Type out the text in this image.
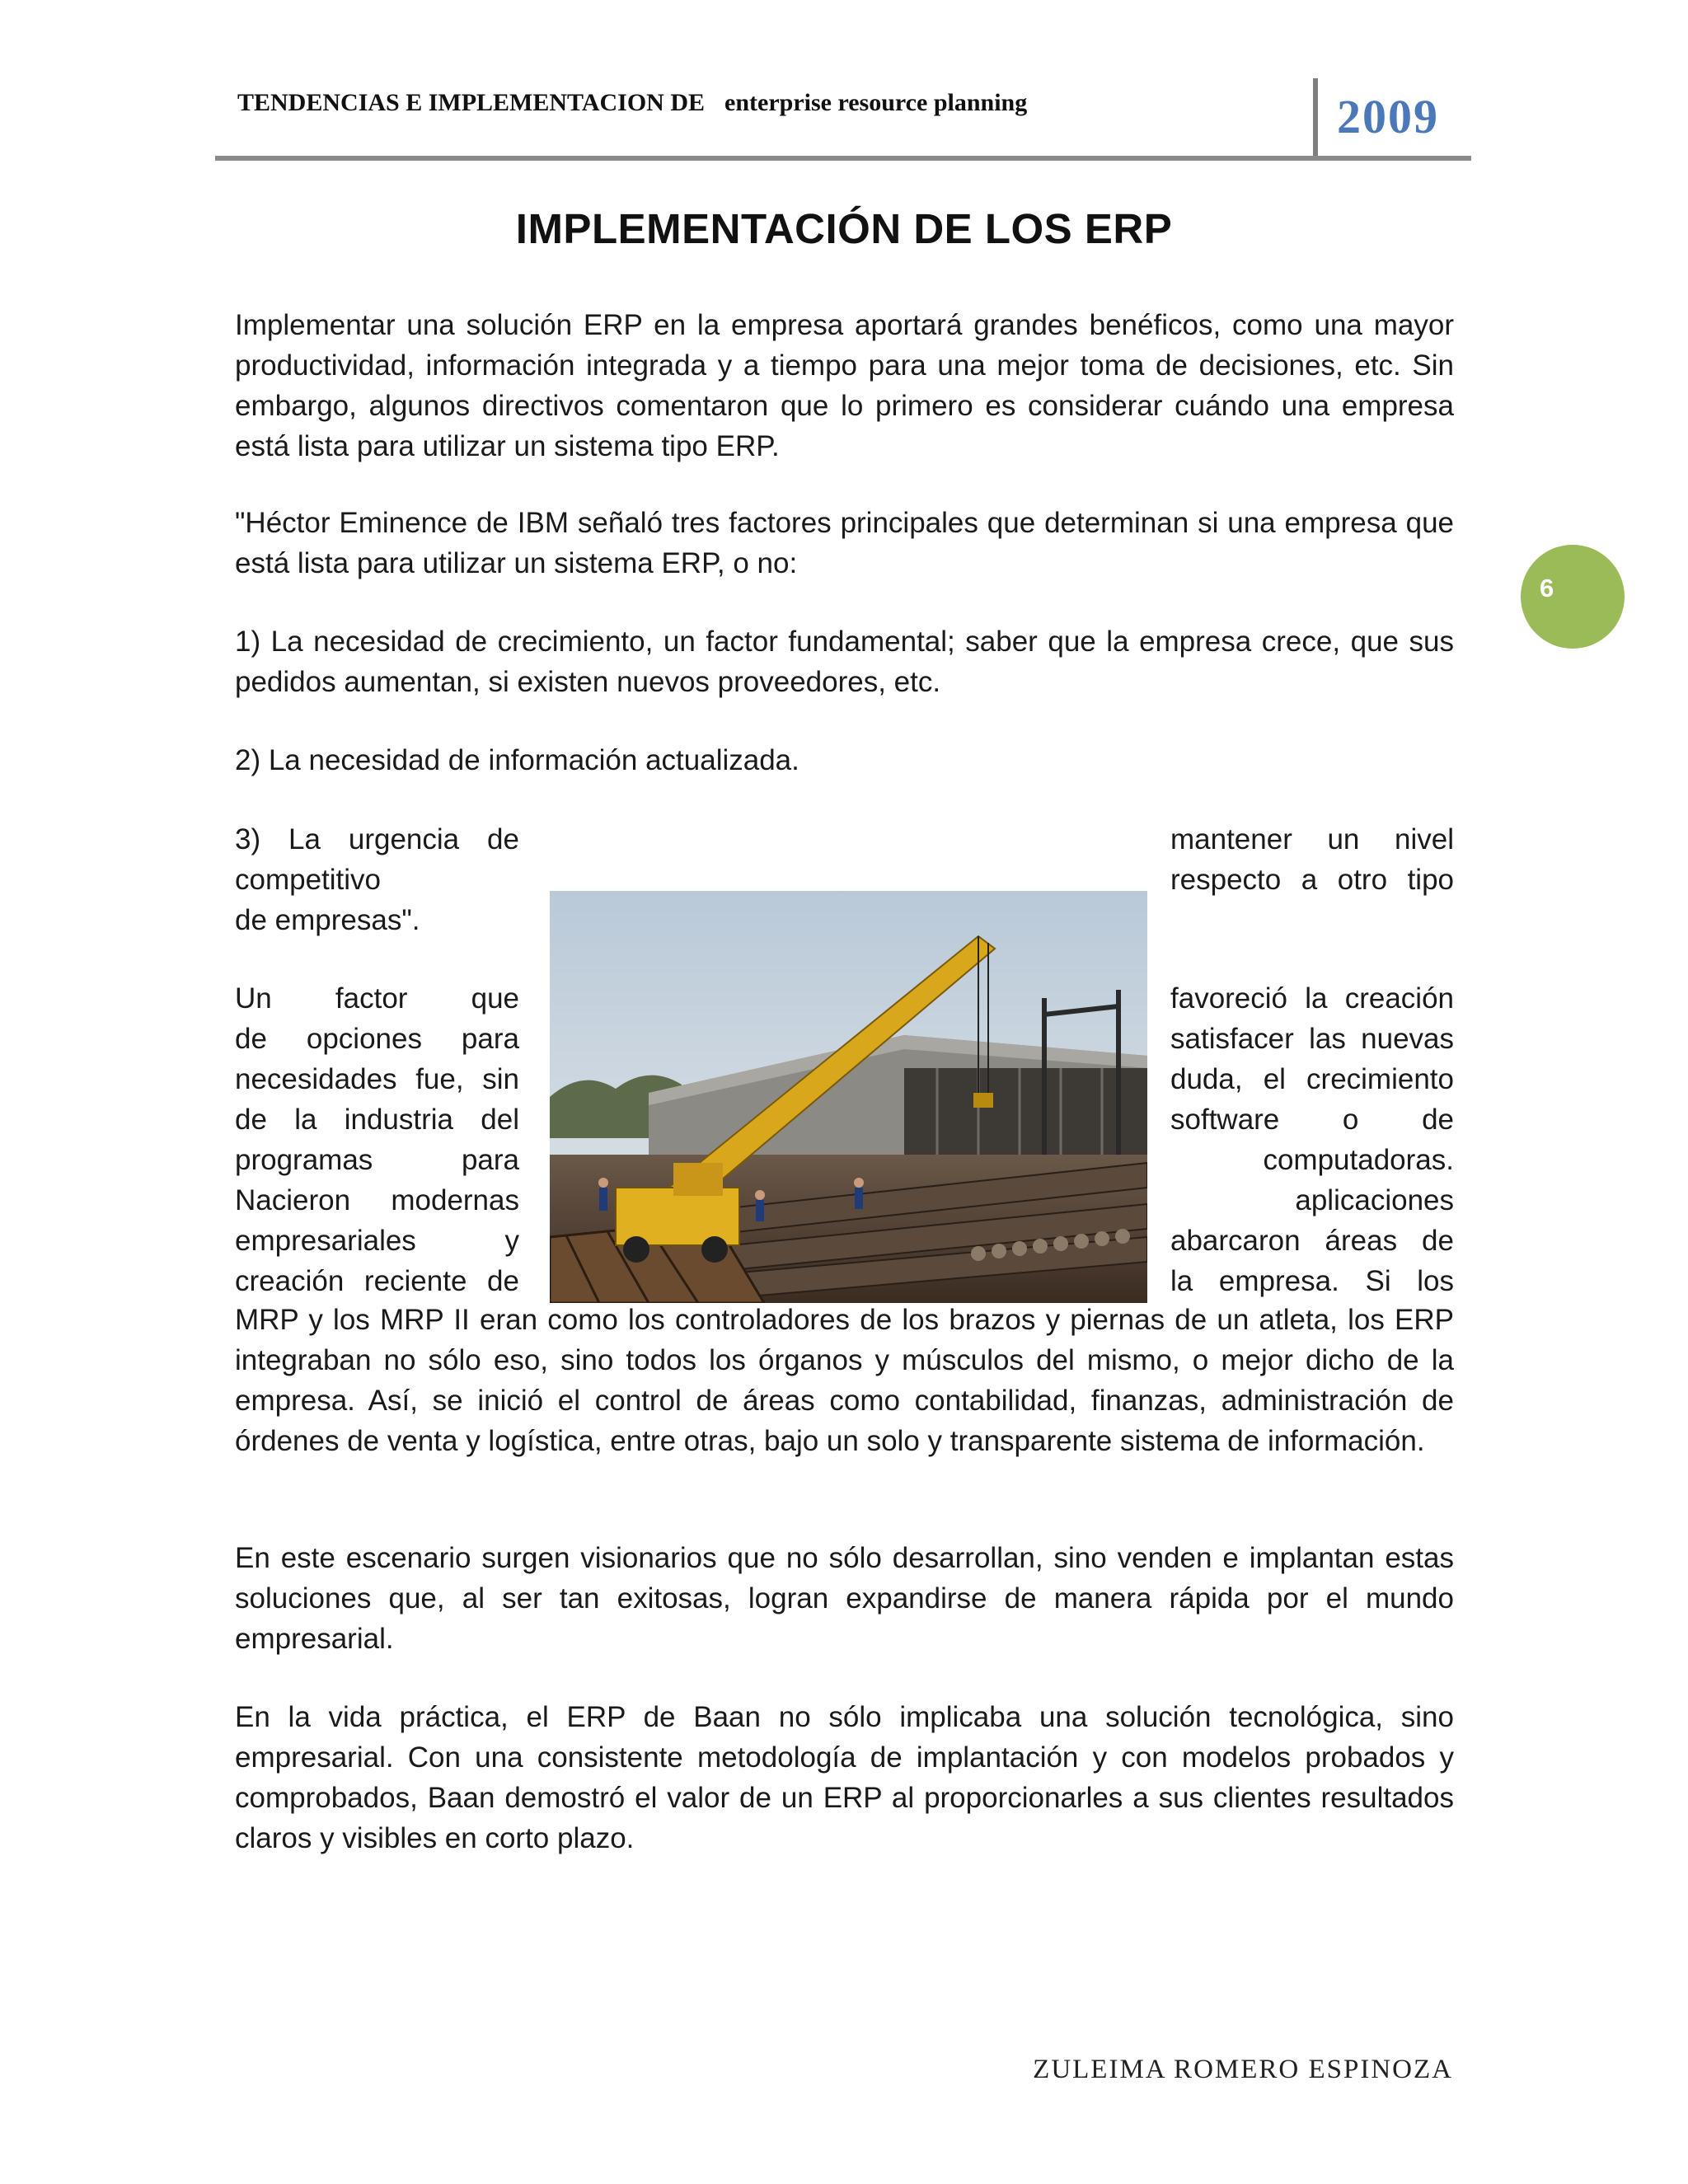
TENDENCIAS E IMPLEMENTACION DE enterprise resource planning	2009
6
IMPLEMENTACIÓN DE LOS ERP

Implementar una solución ERP en la empresa aportará grandes benéficos, como una mayor productividad, información integrada y a tiempo para una mejor toma de decisiones, etc. Sin embargo, algunos directivos comentaron que lo primero es considerar cuándo una empresa está lista para utilizar un sistema tipo ERP.

"Héctor Eminence de IBM señaló tres factores principales que determinan si una empresa que está lista para utilizar un sistema ERP, o no:

1) La necesidad de crecimiento, un factor fundamental; saber que la empresa crece, que sus pedidos aumentan, si existen nuevos proveedores, etc.

2) La necesidad de información actualizada.

3) La urgencia de
competitivo
de empresas".
mantener un nivel
respecto a otro tipo
Un factor que
de opciones para
necesidades fue, sin
de la industria del
programas para
Nacieron modernas
empresariales y
creación reciente de
favoreció la creación
satisfacer las nuevas
duda, el crecimiento
software o de
computadoras.
aplicaciones
abarcaron áreas de
la empresa. Si los

MRP y los MRP II eran como los controladores de los brazos y piernas de un atleta, los ERP integraban no sólo eso, sino todos los órganos y músculos del mismo, o mejor dicho de la empresa. Así, se inició el control de áreas como contabilidad, finanzas, administración de órdenes de venta y logística, entre otras, bajo un solo y transparente sistema de información.

En este escenario surgen visionarios que no sólo desarrollan, sino venden e implantan estas soluciones que, al ser tan exitosas, logran expandirse de manera rápida por el mundo empresarial.

En la vida práctica, el ERP de Baan no sólo implicaba una solución tecnológica, sino empresarial. Con una consistente metodología de implantación y con modelos probados y comprobados, Baan demostró el valor de un ERP al proporcionarles a sus clientes resultados claros y visibles en corto plazo.

ZULEIMA ROMERO ESPINOZA
